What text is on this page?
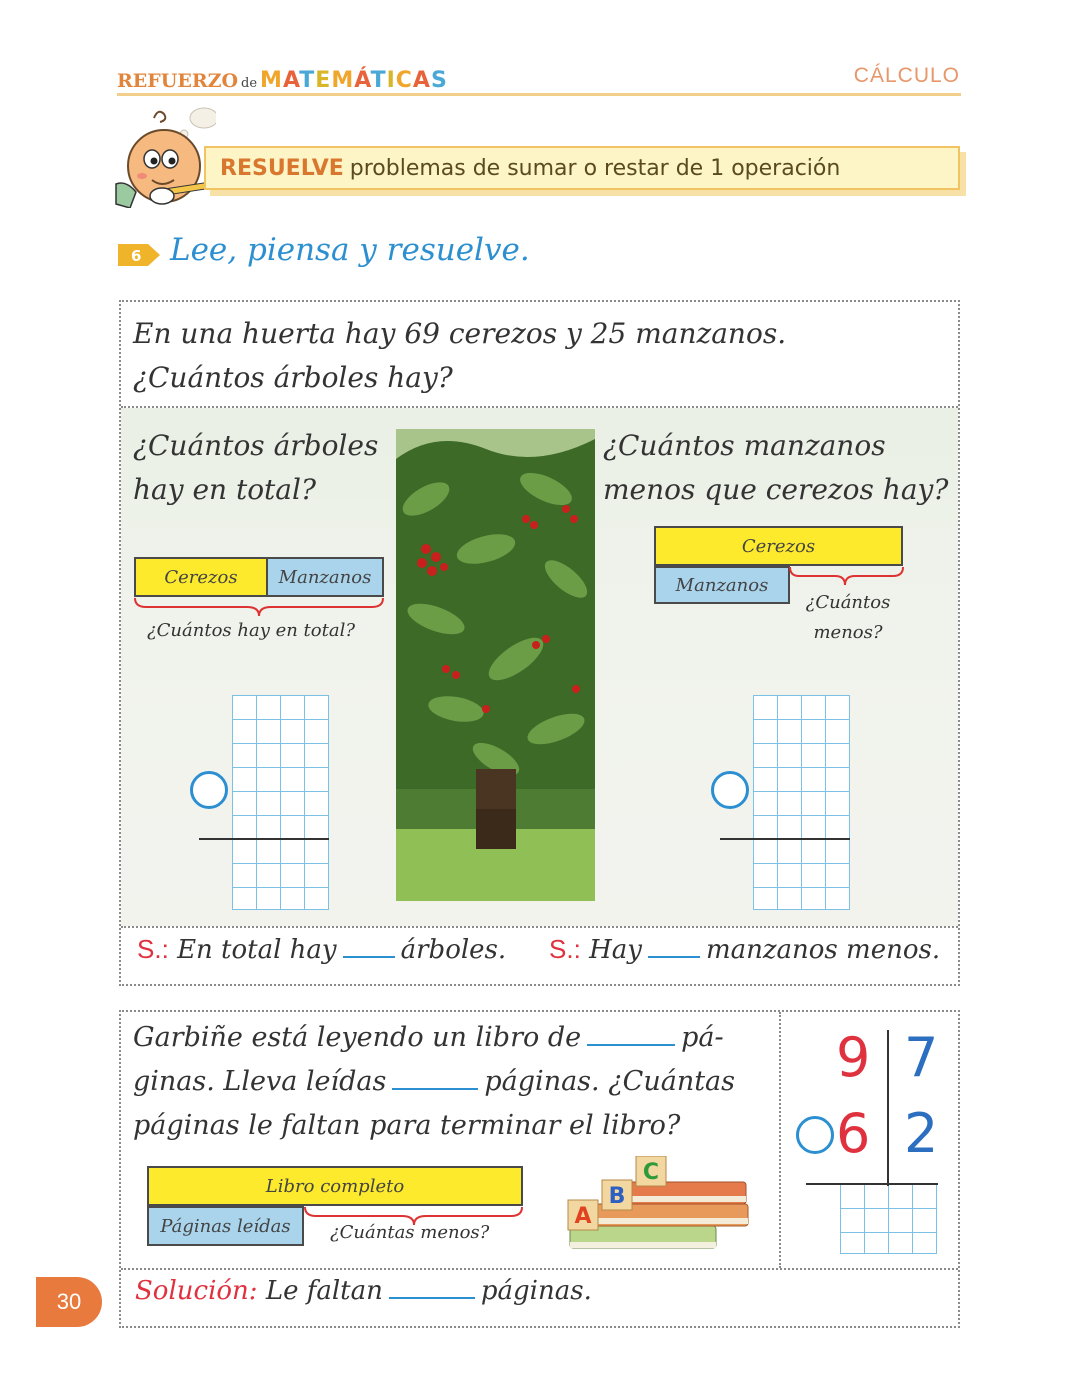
REFUERZO de MATEMÁTICAS	CÁLCULO
RESUELVE problemas de sumar o restar de 1 operación
6 Lee, piensa y resuelve.
En una huerta hay 69 cerezos y 25 manzanos.
¿Cuántos árboles hay?
¿Cuántos árboles
hay en total?
Cerezos	Manzanos
¿Cuántos hay en total?
¿Cuántos manzanos
menos que cerezos hay?
Cerezos
Manzanos
¿Cuántos
menos?
S.: En total hay árboles. S.: Hay manzanos menos.
Garbiñe está leyendo un libro de	pá-
ginas. Lleva leídas	páginas. ¿Cuántas
páginas le faltan para terminar el libro?
Libro completo
Páginas leídas	¿Cuántas menos?
A
B
C
9 7
6 2
Solución: Le faltan	páginas.
30
